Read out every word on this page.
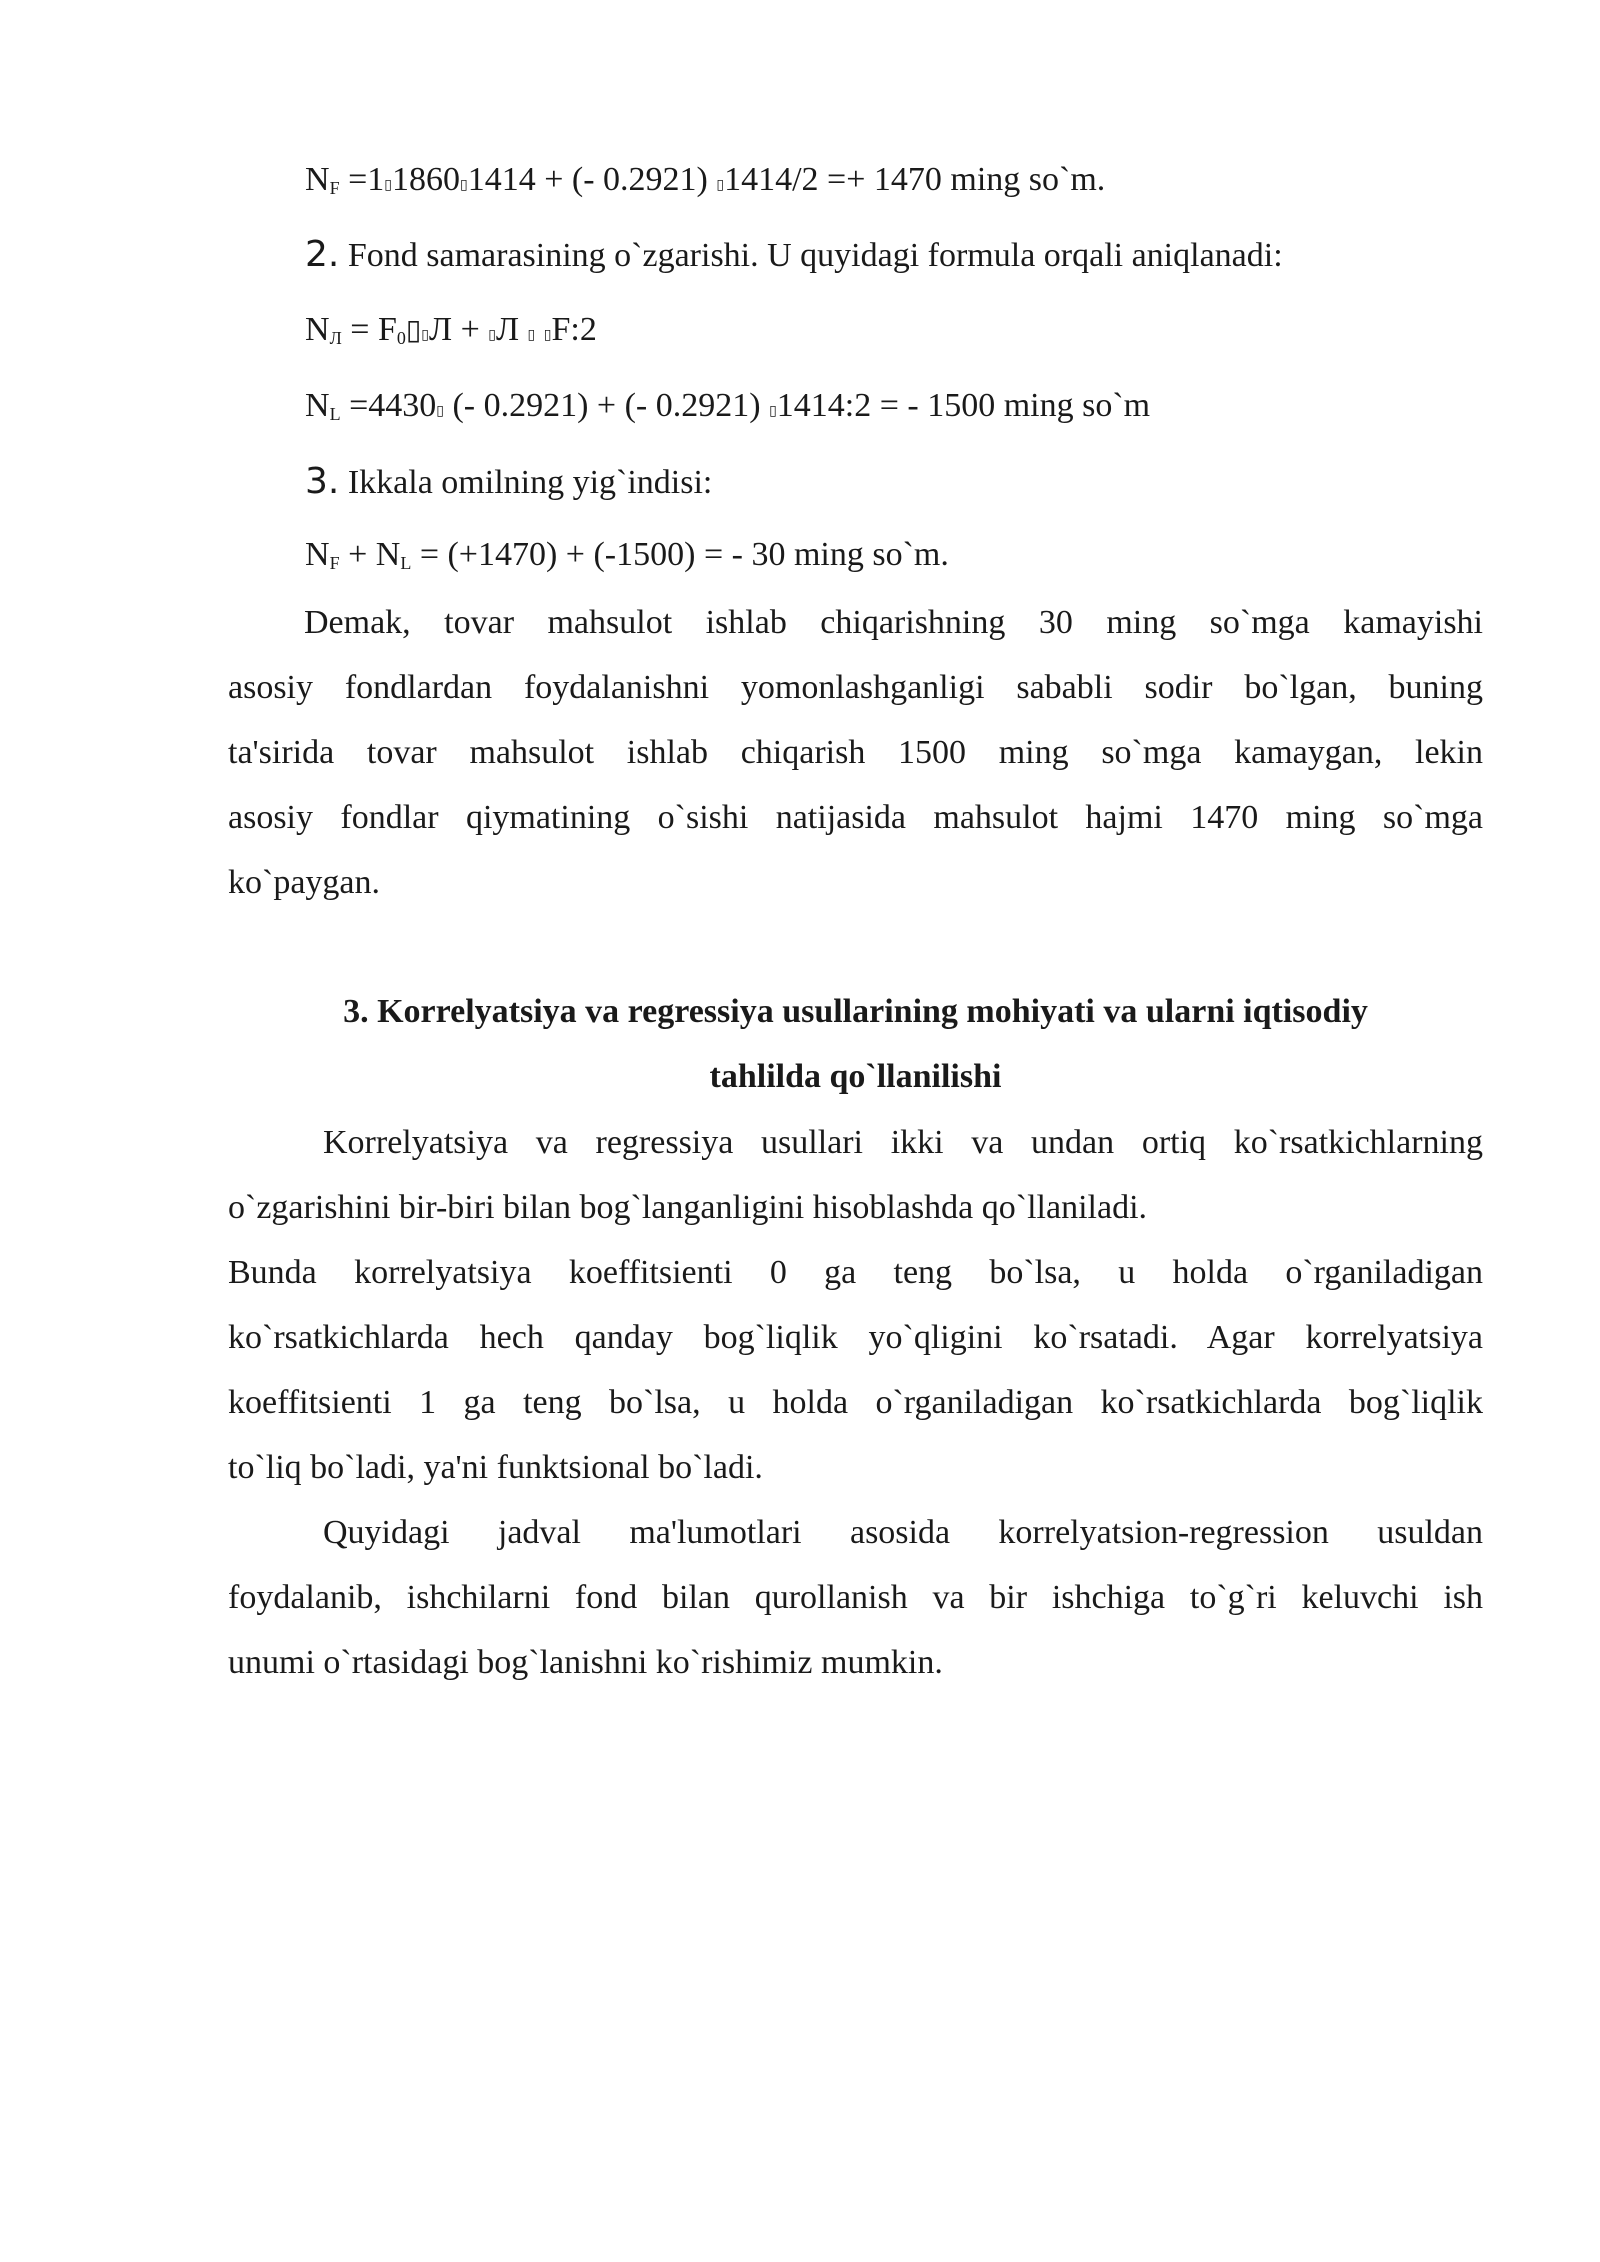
$N_F$ =1▯1860▯1414 + (- 0.2921) ▯1414/2 =+ 1470 ming so`m.
2. Fond samarasining o`zgarishi. U quyidagi formula orqali aniqlanadi:
$N_Л$ = $F_0▯▯Л$ + ▯Л ▯ ▯F:2
$N_L$ =4430▯ (- 0.2921) + (- 0.2921) ▯1414:2 = - 1500 ming so`m
3. Ikkala omilning yig`indisi:
$N_F + N_L = (+1470) + (-1500)$ = - 30 ming so`m.
Demak, tovar mahsulot ishlab chiqarishning 30 ming so`mga kamayishi
asosiy fondlardan foydalanishni yomonlashganligi sababli sodir bo`lgan, buning
ta'sirida tovar mahsulot ishlab chiqarish 1500 ming so`mga kamaygan, lekin
asosiy fondlar qiymatining o`sishi natijasida mahsulot hajmi 1470 ming so`mga
ko`paygan.
3. Korrelyatsiya va regressiya usullarining mohiyati va ularni iqtisodiy
tahlilda qo`llanilishi
Korrelyatsiya va regressiya usullari ikki va undan ortiq ko`rsatkichlarning
o`zgarishini bir-biri bilan bog`langanligini hisoblashda qo`llaniladi.
Bunda korrelyatsiya koeffitsienti 0 ga teng bo`lsa, u holda o`rganiladigan
ko`rsatkichlarda hech qanday bog`liqlik yo`qligini ko`rsatadi. Agar korrelyatsiya
koeffitsienti 1 ga teng bo`lsa, u holda o`rganiladigan ko`rsatkichlarda bog`liqlik
to`liq bo`ladi, ya'ni funktsional bo`ladi.
Quyidagi jadval ma'lumotlari asosida korrelyatsion-regression usuldan
foydalanib, ishchilarni fond bilan qurollanish va bir ishchiga to`g`ri keluvchi ish
unumi o`rtasidagi bog`lanishni ko`rishimiz mumkin.
